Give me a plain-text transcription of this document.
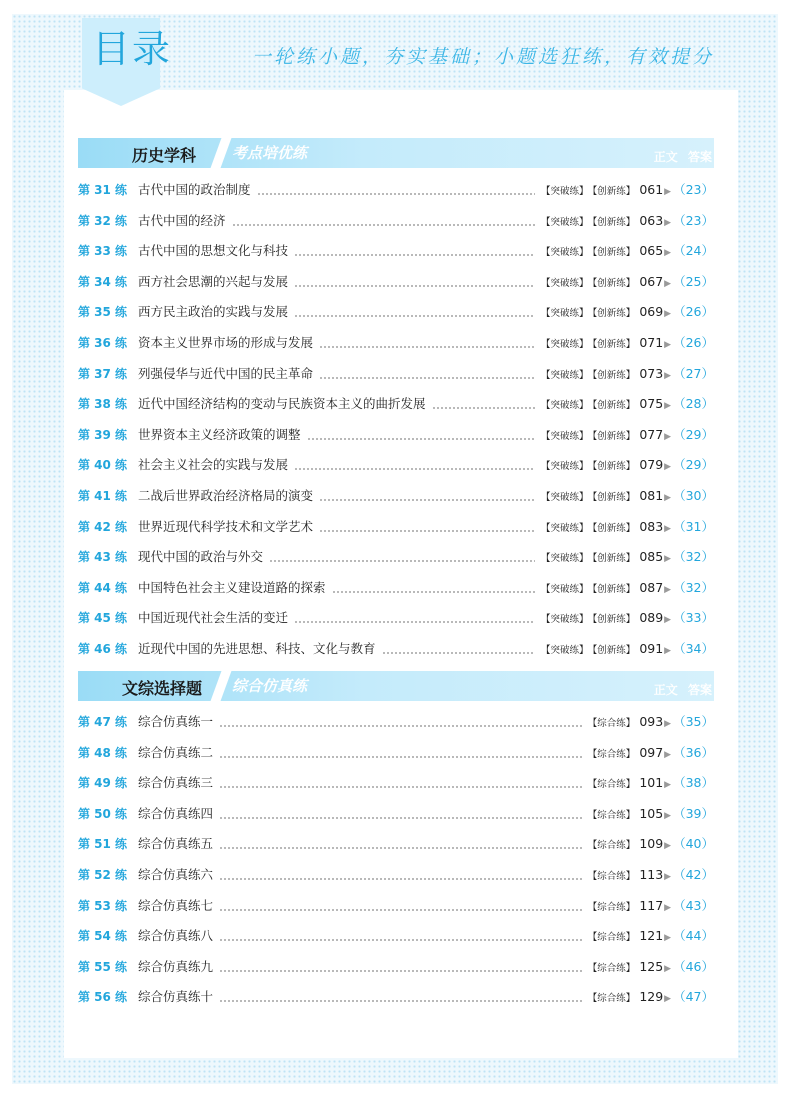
目录	一轮练小题，夯实基础；小题选狂练，有效提分
历史学科 考点培优练	正文 答案
第 31 练 古代中国的政治制度	【突破练】 【创新练】 061▶ （23）
第 32 练 古代中国的经济	【突破练】 【创新练】 063▶ （23）
第 33 练 古代中国的思想文化与科技	【突破练】 【创新练】 065▶ （24）
第 34 练 西方社会思潮的兴起与发展	【突破练】 【创新练】 067▶ （25）
第 35 练 西方民主政治的实践与发展	【突破练】 【创新练】 069▶ （26）
第 36 练 资本主义世界市场的形成与发展	【突破练】 【创新练】 071▶ （26）
第 37 练 列强侵华与近代中国的民主革命	【突破练】 【创新练】 073▶ （27）
第 38 练 近代中国经济结构的变动与民族资本主义的曲折发展	【突破练】 【创新练】 075▶ （28）
第 39 练 世界资本主义经济政策的调整	【突破练】 【创新练】 077▶ （29）
第 40 练 社会主义社会的实践与发展	【突破练】 【创新练】 079▶ （29）
第 41 练 二战后世界政治经济格局的演变	【突破练】 【创新练】 081▶ （30）
第 42 练 世界近现代科学技术和文学艺术	【突破练】 【创新练】 083▶ （31）
第 43 练 现代中国的政治与外交	【突破练】 【创新练】 085▶ （32）
第 44 练 中国特色社会主义建设道路的探索	【突破练】 【创新练】 087▶ （32）
第 45 练 中国近现代社会生活的变迁	【突破练】 【创新练】 089▶ （33）
第 46 练 近现代中国的先进思想、科技、文化与教育	【突破练】 【创新练】 091▶ （34）
文综选择题 综合仿真练	正文 答案
第 47 练 综合仿真练一	【综合练】 093▶ （35）
第 48 练 综合仿真练二	【综合练】 097▶ （36）
第 49 练 综合仿真练三	【综合练】 101▶ （38）
第 50 练 综合仿真练四	【综合练】 105▶ （39）
第 51 练 综合仿真练五	【综合练】 109▶ （40）
第 52 练 综合仿真练六	【综合练】 113▶ （42）
第 53 练 综合仿真练七	【综合练】 117▶ （43）
第 54 练 综合仿真练八	【综合练】 121▶ （44）
第 55 练 综合仿真练九	【综合练】 125▶ （46）
第 56 练 综合仿真练十	【综合练】 129▶ （47）
